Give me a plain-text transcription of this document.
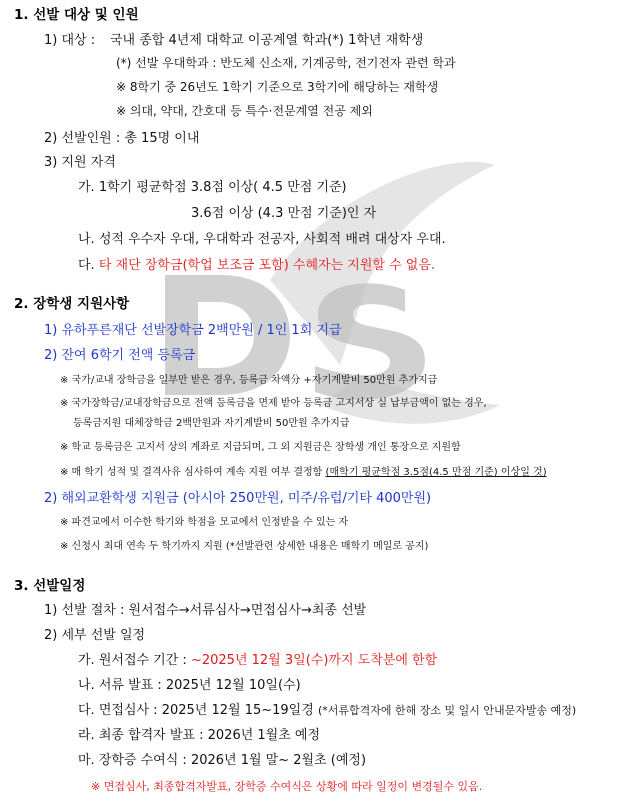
1. 선발 대상 및 인원
1) 대상 : 국내 종합 4년제 대학교 이공계열 학과(*) 1학년 재학생
(*) 선발 우대학과 : 반도체 신소재, 기계공학, 전기전자 관련 학과
※ 8학기 중 26년도 1학기 기준으로 3학기에 해당하는 재학생
※ 의대, 약대, 간호대 등 특수·전문계열 전공 제외
2) 선발인원 : 총 15명 이내
3) 지원 자격
가. 1학기 평균학점 3.8점 이상( 4.5 만점 기준)
3.6점 이상 (4.3 만점 기준)인 자
나. 성적 우수자 우대, 우대학과 전공자, 사회적 배려 대상자 우대.
다. 타 재단 장학금(학업 보조금 포함) 수혜자는 지원할 수 없음.
2. 장학생 지원사항
1) 유하푸른재단 선발장학금 2백만원 / 1인 1회 지급
2) 잔여 6학기 전액 등록금
※ 국가/교내 장학금을 일부만 받은 경우, 등록금 차액分 +자기계발비 50만원 추가지급
※ 국가장학금/교내장학금으로 전액 등록금을 면제 받아 등록금 고지서상 실 납부금액이 없는 경우,
등록금지원 대체장학금 2백만원과 자기계발비 50만원 추가지급
※ 학교 등록금은 고지서 상의 계좌로 지급되며, 그 외 지원금은 장학생 개인 통장으로 지원함
※ 매 학기 성적 및 결격사유 심사하여 계속 지원 여부 결정함 (매학기 평균학점 3.5점(4.5 만점 기준) 이상일 것)
2) 해외교환학생 지원금 (아시아 250만원, 미주/유럽/기타 400만원)
※ 파견교에서 이수한 학기와 학점을 모교에서 인정받을 수 있는 자
※ 신청시 최대 연속 두 학기까지 지원 (*선발관련 상세한 내용은 매학기 메일로 공지)
3. 선발일정
1) 선발 절차 : 원서접수→서류심사→면접심사→최종 선발
2) 세부 선발 일정
가. 원서접수 기간 : ~2025년 12월 3일(수)까지 도착분에 한함
나. 서류 발표 : 2025년 12월 10일(수)
다. 면접심사 : 2025년 12월 15~19일경 (*서류합격자에 한해 장소 및 일시 안내문자발송 예정)
라. 최종 합격자 발표 : 2026년 1월초 예정
마. 장학증 수여식 : 2026년 1월 말~ 2월초 (예정)
※ 면접심사, 최종합격자발표, 장학증 수여식은 상황에 따라 일정이 변경될수 있음.
